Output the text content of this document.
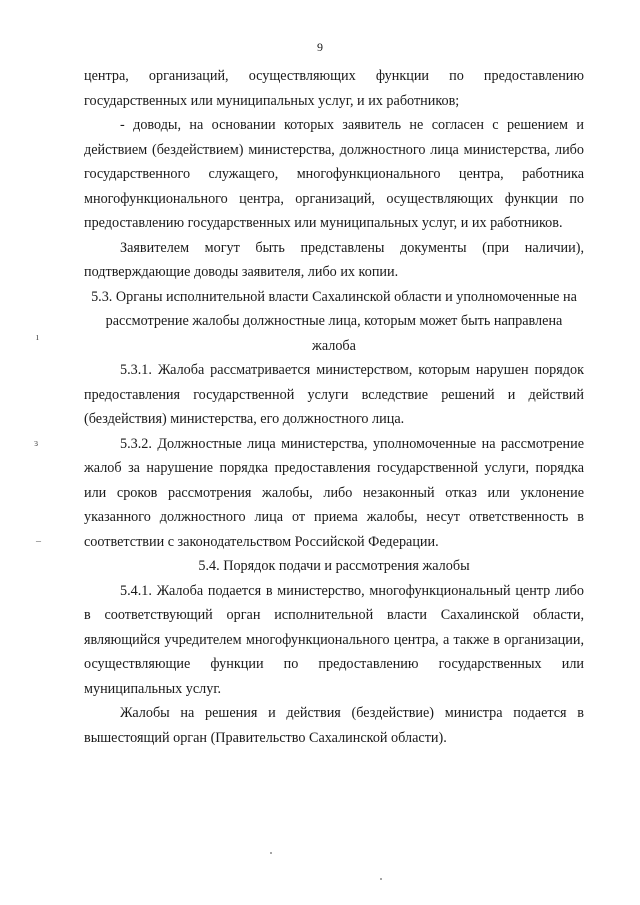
9

центра, организаций, осуществляющих функции по предоставлению государственных или муниципальных услуг, и их работников;

- доводы, на основании которых заявитель не согласен с решением и действием (бездействием) министерства, должностного лица министерства, либо государственного служащего, многофункционального центра, работника многофункционального центра, организаций, осуществляющих функции по предоставлению государственных или муниципальных услуг, и их работников.

Заявителем могут быть представлены документы (при наличии), подтверждающие доводы заявителя, либо их копии.

5.3. Органы исполнительной власти Сахалинской области и уполномоченные на рассмотрение жалобы должностные лица, которым может быть направлена жалоба

5.3.1. Жалоба рассматривается министерством, которым нарушен порядок предоставления государственной услуги вследствие решений и действий (бездействия) министерства, его должностного лица.

5.3.2. Должностные лица министерства, уполномоченные на рассмотрение жалоб за нарушение порядка предоставления государственной услуги, порядка или сроков рассмотрения жалобы, либо незаконный отказ или уклонение указанного должностного лица от приема жалобы, несут ответственность в соответствии с законодательством Российской Федерации.

5.4. Порядок подачи и рассмотрения жалобы

5.4.1. Жалоба подается в министерство, многофункциональный центр либо в соответствующий орган исполнительной власти Сахалинской области, являющийся учредителем многофункционального центра, а также в организации, осуществляющие функции по предоставлению государственных или муниципальных услуг.

Жалобы на решения и действия (бездействие) министра подается в вышестоящий орган (Правительство Сахалинской области).

ı
ɜ
–
